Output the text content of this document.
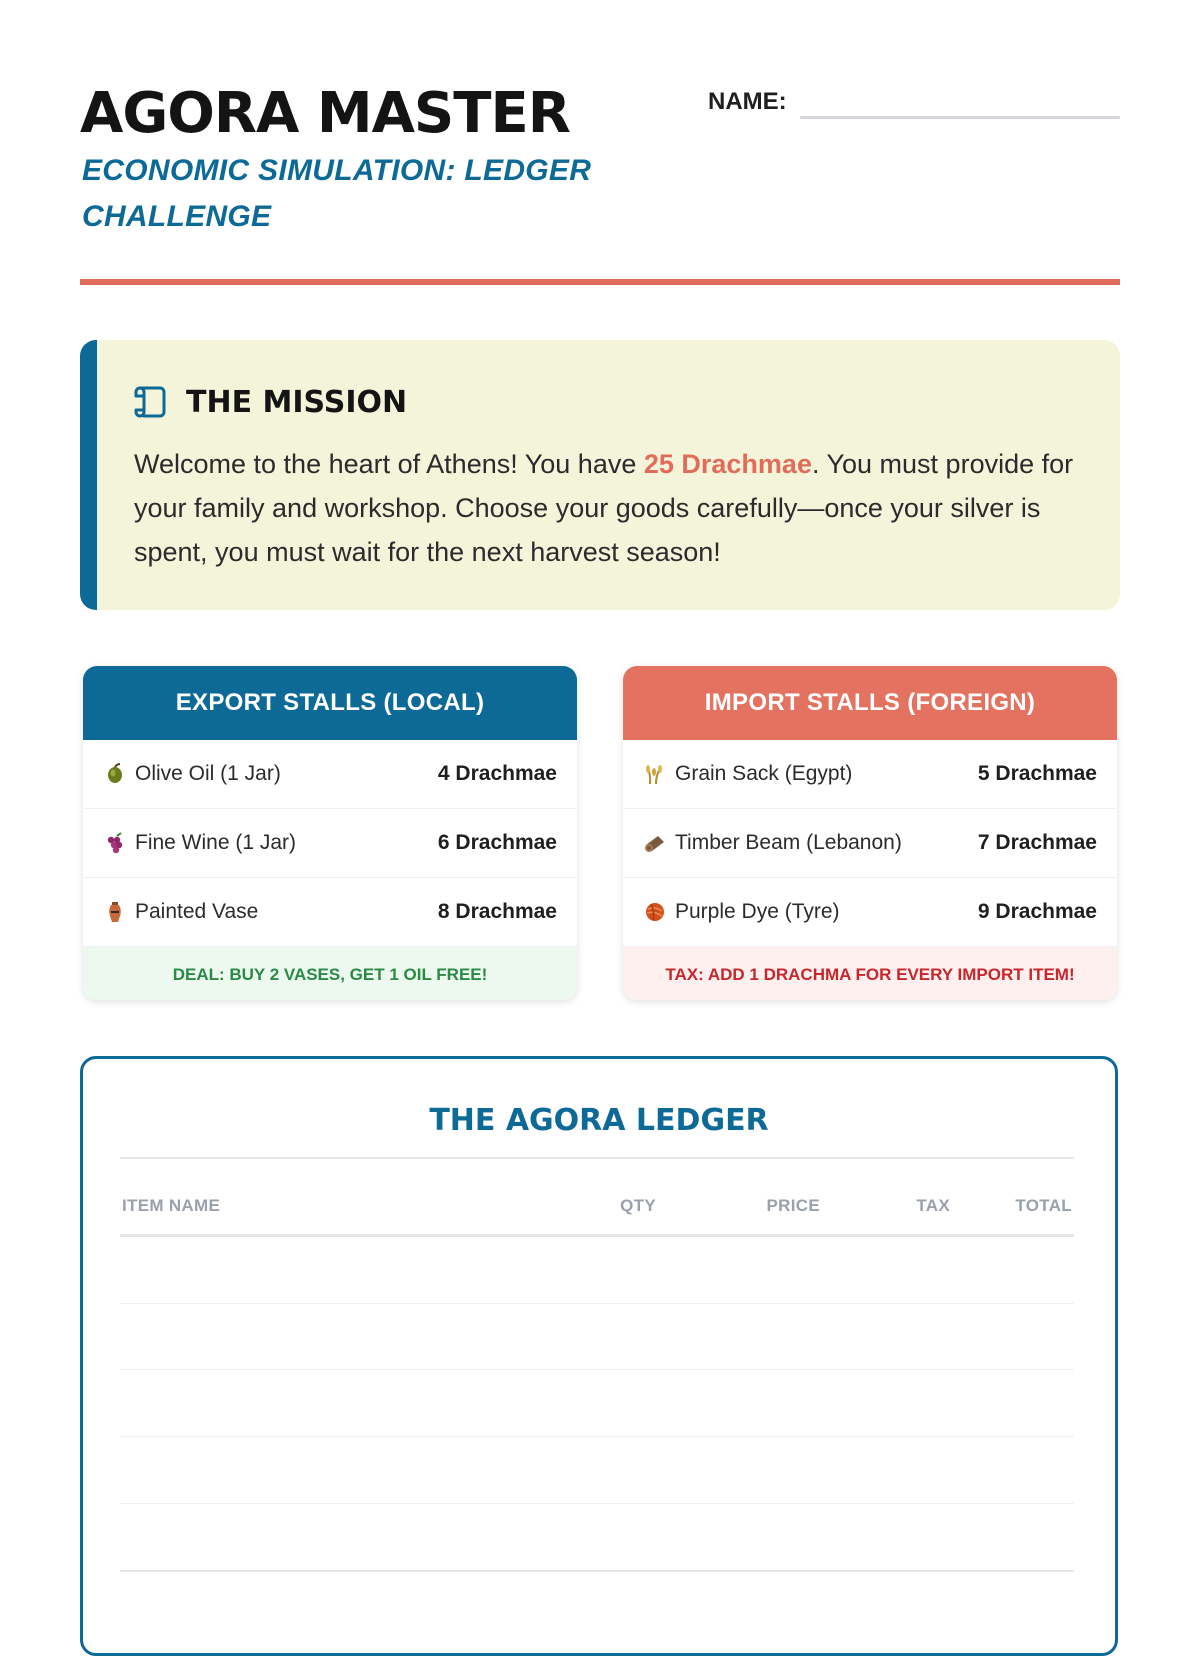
AGORA MASTER
ECONOMIC SIMULATION: LEDGER CHALLENGE
NAME:
THE MISSION
Welcome to the heart of Athens! You have 25 Drachmae. You must provide for your family and workshop. Choose your goods carefully—once your silver is spent, you must wait for the next harvest season!
EXPORT STALLS (LOCAL)
Olive Oil (1 Jar)	4 Drachmae
Fine Wine (1 Jar)	6 Drachmae
Painted Vase	8 Drachmae
DEAL: BUY 2 VASES, GET 1 OIL FREE!
IMPORT STALLS (FOREIGN)
Grain Sack (Egypt)	5 Drachmae
Timber Beam (Lebanon)	7 Drachmae
Purple Dye (Tyre)	9 Drachmae
TAX: ADD 1 DRACHMA FOR EVERY IMPORT ITEM!
THE AGORA LEDGER
ITEM NAME	QTY	PRICE	TAX	TOTAL
